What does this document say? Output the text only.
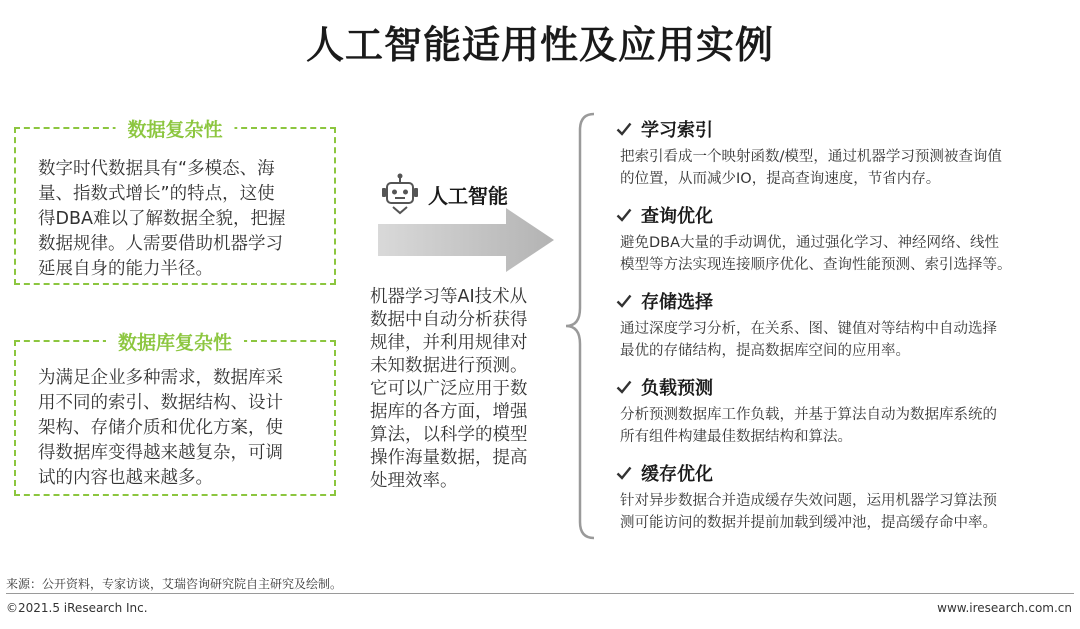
人工智能适用性及应用实例
数据复杂性
数字时代数据具有“多模态、海
量、指数式增长”的特点，这使
得DBA难以了解数据全貌，把握
数据规律。人需要借助机器学习
延展自身的能力半径。
数据库复杂性
为满足企业多种需求，数据库采
用不同的索引、数据结构、设计
架构、存储介质和优化方案，使
得数据库变得越来越复杂，可调
试的内容也越来越多。
人工智能
机器学习等AI技术从
数据中自动分析获得
规律，并利用规律对
未知数据进行预测。
它可以广泛应用于数
据库的各方面，增强
算法，以科学的模型
操作海量数据，提高
处理效率。
学习索引
把索引看成一个映射函数/模型，通过机器学习预测被查询值
的位置，从而减少IO，提高查询速度，节省内存。
查询优化
避免DBA大量的手动调优，通过强化学习、神经网络、线性
模型等方法实现连接顺序优化、查询性能预测、索引选择等。
存储选择
通过深度学习分析，在关系、图、键值对等结构中自动选择
最优的存储结构，提高数据库空间的应用率。
负载预测
分析预测数据库工作负载，并基于算法自动为数据库系统的
所有组件构建最佳数据结构和算法。
缓存优化
针对异步数据合并造成缓存失效问题，运用机器学习算法预
测可能访问的数据并提前加载到缓冲池，提高缓存命中率。
来源：公开资料，专家访谈，艾瑞咨询研究院自主研究及绘制。
©2021.5 iResearch Inc.	www.iresearch.com.cn
